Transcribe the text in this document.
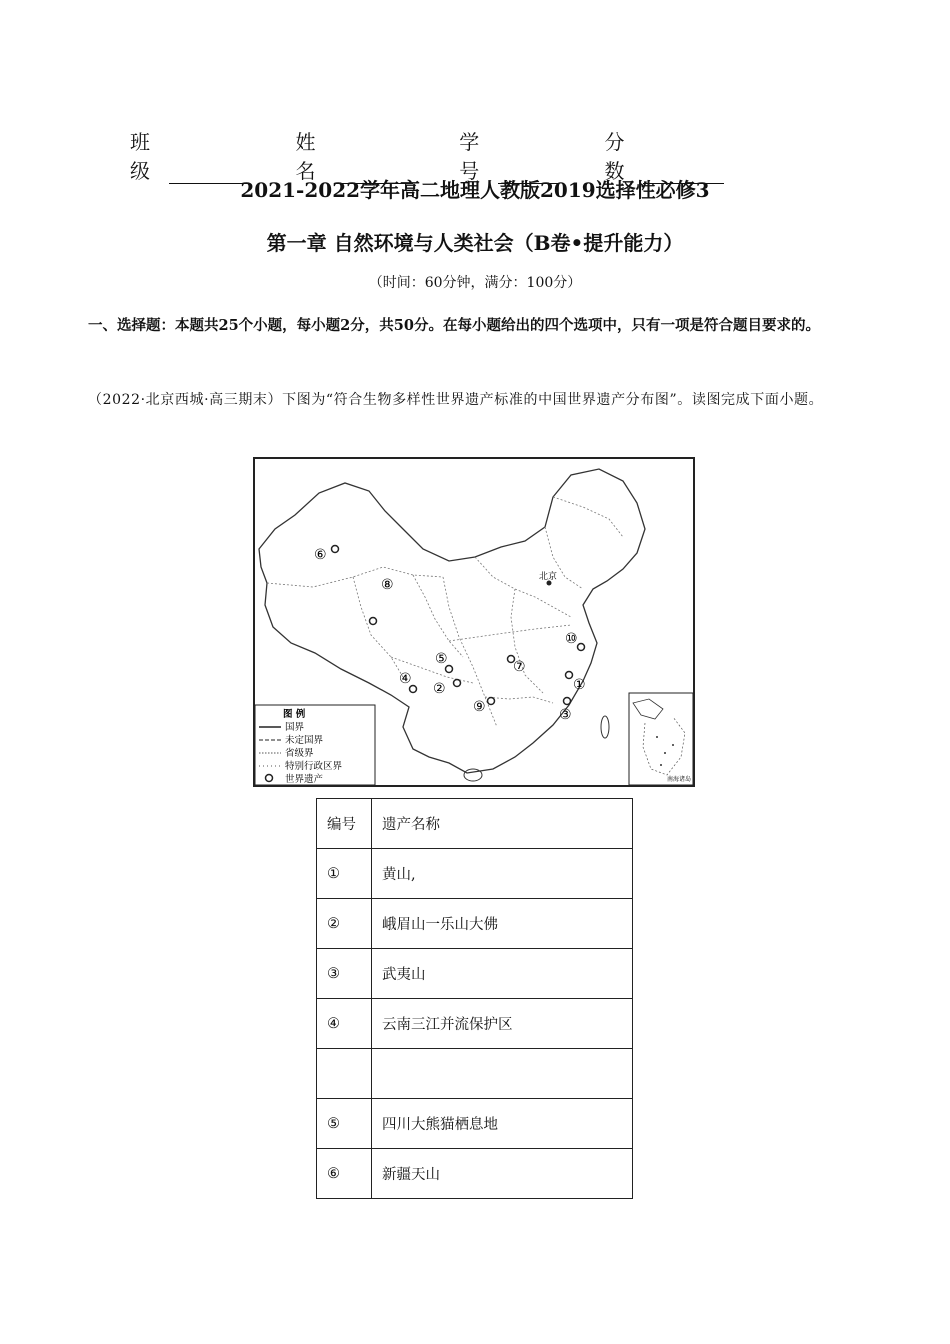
班级
姓名
学号
分数
2021-2022学年高二地理人教版2019选择性必修3
第一章 自然环境与人类社会（B卷•提升能力）
（时间：60分钟，满分：100分）
一、选择题：本题共25个小题，每小题2分，共50分。在每小题给出的四个选项中，只有一项是符合题目要求的。
（2022·北京西城·高三期末）下图为“符合生物多样性世界遗产标准的中国世界遗产分布图”。读图完成下面小题。
北京
⑥
⑧
⑤
④
②
⑦
⑨
①
③
⑩
图 例
国界
未定国界
省级界
特别行政区界
世界遗产	南海诸岛
编号	遗产名称
①	黄山,
②	峨眉山一乐山大佛
③	武夷山
④	云南三江并流保护区

⑤	四川大熊猫栖息地
⑥	新疆天山
